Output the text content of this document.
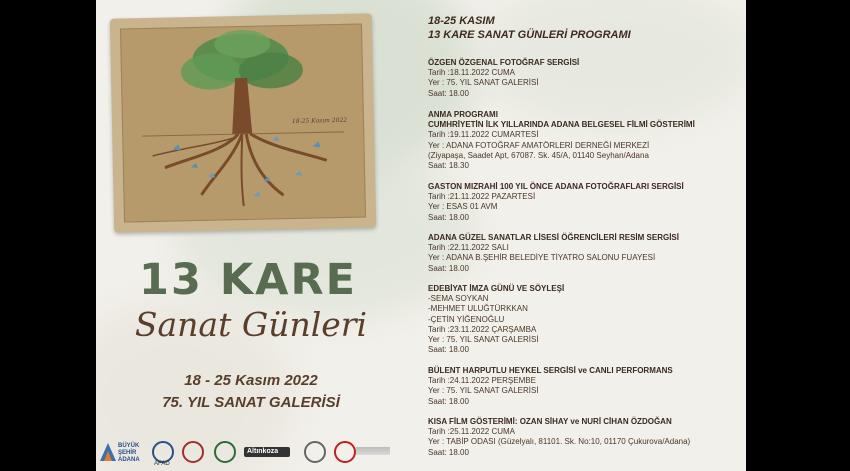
18-25 Kasım 2022
13 KARE
Sanat Günleri
18 - 25 Kasım 2022
75. YIL SANAT GALERİSİ
BÜYÜK ŞEHİR ADANA
AFAD
Altınkoza
18-25 KASIM
13 KARE SANAT GÜNLERİ PROGRAMI
ÖZGEN ÖZGENAL FOTOĞRAF SERGİSİ
Tarih :18.11.2022 CUMA
Yer : 75. YIL SANAT GALERİSİ
Saat: 18.00
ANMA PROGRAMI
CUMHRİYETİN İLK YILLARINDA ADANA BELGESEL FİLMİ GÖSTERİMİ
Tarih :19.11.2022 CUMARTESİ
Yer : ADANA FOTOĞRAF AMATÖRLERİ DERNEĞİ MERKEZİ
(Ziyapaşa, Saadet Apt, 67087. Sk. 45/A, 01140 Seyhan/Adana
Saat: 18.30
GASTON MIZRAHİ 100 YIL ÖNCE ADANA FOTOĞRAFLARI SERGİSİ
Tarih :21.11.2022 PAZARTESİ
Yer : ESAS 01 AVM
Saat: 18.00
ADANA GÜZEL SANATLAR LİSESİ ÖĞRENCİLERİ RESİM SERGİSİ
Tarih :22.11.2022 SALI
Yer : ADANA B.ŞEHİR BELEDİYE TİYATRO SALONU FUAYESİ
Saat: 18.00
EDEBİYAT İMZA GÜNÜ VE SÖYLEŞİ
-SEMA SOYKAN
-MEHMET ULUĞTÜRKKAN
-ÇETİN YİĞENOĞLU
Tarih :23.11.2022 ÇARŞAMBA
Yer : 75. YIL SANAT GALERİSİ
Saat: 18.00
BÜLENT HARPUTLU HEYKEL SERGİSİ ve CANLI PERFORMANS
Tarih :24.11.2022 PERŞEMBE
Yer : 75. YIL SANAT GALERİSİ
Saat: 18.00
KISA FİLM GÖSTERİMİ: OZAN SİHAY ve NURİ CİHAN ÖZDOĞAN
Tarih :25.11.2022 CUMA
Yer : TABİP ODASI (Güzelyalı, 81101. Sk. No:10, 01170 Çukurova/Adana)
Saat: 18.00
